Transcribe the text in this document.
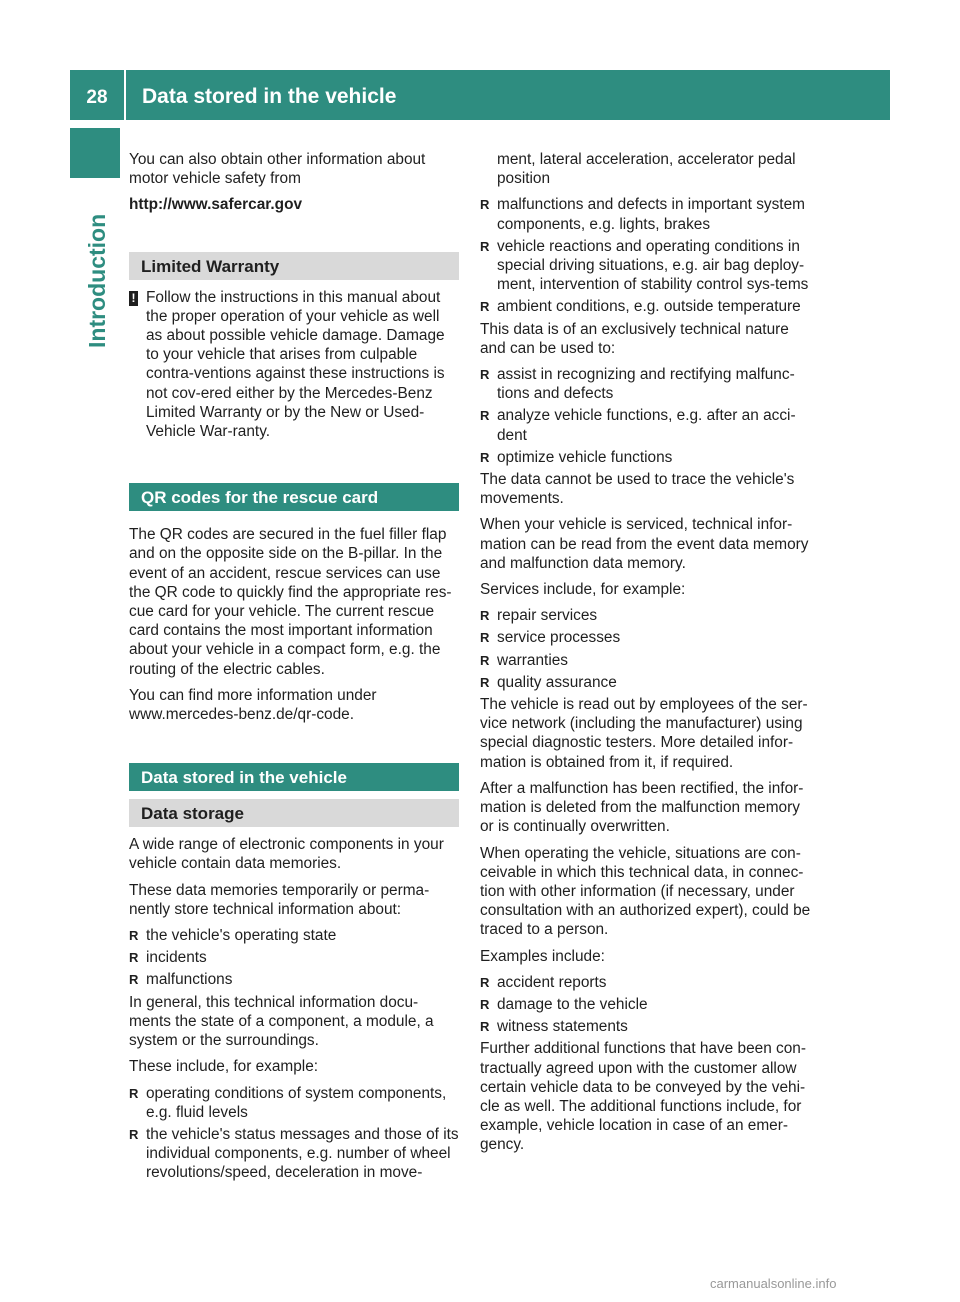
28	Data stored in the vehicle
Introduction

You can also obtain other information about motor vehicle safety from

http://www.safercar.gov

Limited Warranty
! Follow the instructions in this manual about the proper operation of your vehicle as well as about possible vehicle damage. Damage to your vehicle that arises from culpable contra-ventions against these instructions is not cov-ered either by the Mercedes-Benz Limited Warranty or by the New or Used-Vehicle War-ranty.
QR codes for the rescue card

The QR codes are secured in the fuel filler flap and on the opposite side on the B-pillar. In the event of an accident, rescue services can use the QR code to quickly find the appropriate res-cue card for your vehicle. The current rescue card contains the most important information about your vehicle in a compact form, e.g. the routing of the electric cables.

You can find more information under www.mercedes-benz.de/qr-code.

Data stored in the vehicle
Data storage

A wide range of electronic components in your vehicle contain data memories.

These data memories temporarily or perma-nently store technical information about:

R the vehicle's operating state
R incidents
R malfunctions

In general, this technical information docu-ments the state of a component, a module, a system or the surroundings.

These include, for example:

R operating conditions of system components, e.g. fluid levels
R the vehicle's status messages and those of its individual components, e.g. number of wheel revolutions/speed, deceleration in move-

ment, lateral acceleration, accelerator pedal position

R malfunctions and defects in important system components, e.g. lights, brakes
R vehicle reactions and operating conditions in special driving situations, e.g. air bag deploy-ment, intervention of stability control sys-tems
R ambient conditions, e.g. outside temperature

This data is of an exclusively technical nature and can be used to:

R assist in recognizing and rectifying malfunc-tions and defects
R analyze vehicle functions, e.g. after an acci-dent
R optimize vehicle functions

The data cannot be used to trace the vehicle's movements.

When your vehicle is serviced, technical infor-mation can be read from the event data memory and malfunction data memory.

Services include, for example:

R repair services
R service processes
R warranties
R quality assurance

The vehicle is read out by employees of the ser-vice network (including the manufacturer) using special diagnostic testers. More detailed infor-mation is obtained from it, if required.

After a malfunction has been rectified, the infor-mation is deleted from the malfunction memory or is continually overwritten.

When operating the vehicle, situations are con-ceivable in which this technical data, in connec-tion with other information (if necessary, under consultation with an authorized expert), could be traced to a person.

Examples include:

R accident reports
R damage to the vehicle
R witness statements

Further additional functions that have been con-tractually agreed upon with the customer allow certain vehicle data to be conveyed by the vehi-cle as well. The additional functions include, for example, vehicle location in case of an emer-gency.

carmanualsonline.info
